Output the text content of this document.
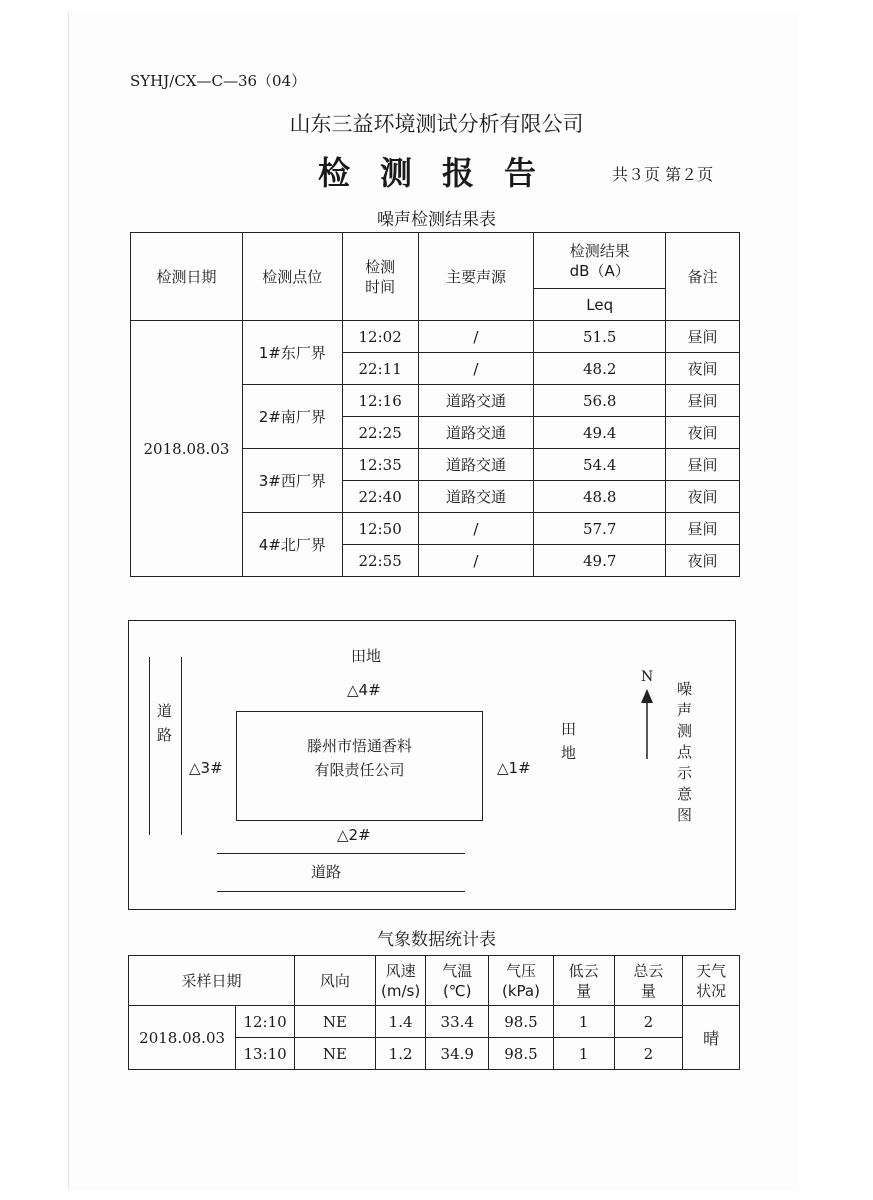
SYHJ/CX—C—36（04）
山东三益环境测试分析有限公司
检测报告	共３页 第２页
噪声检测结果表
检测日期	检测点位	检测时间	主要声源	检测结果dB（A）	备注
				Leq	
2018.08.03	1#东厂界	12:02	/	51.5	昼间
		22:11	/	48.2	夜间
	2#南厂界	12:16	道路交通	56.8	昼间
		22:25	道路交通	49.4	夜间
	3#西厂界	12:35	道路交通	54.4	昼间
		22:40	道路交通	48.8	夜间
	4#北厂界	12:50	/	57.7	昼间
		22:55	/	49.7	夜间
田地
△4#
道路
△3#
滕州市悟通香料
有限责任公司	△1#
田地
N
噪声测点示意图
△2#
道路
气象数据统计表
采样日期		风向	风速(m/s)	气温(℃)	气压(kPa)	低云量	总云量	天气状况
2018.08.03	12:10	NE	1.4	33.4	98.5	1	2	晴
	13:10	NE	1.2	34.9	98.5	1	2	
